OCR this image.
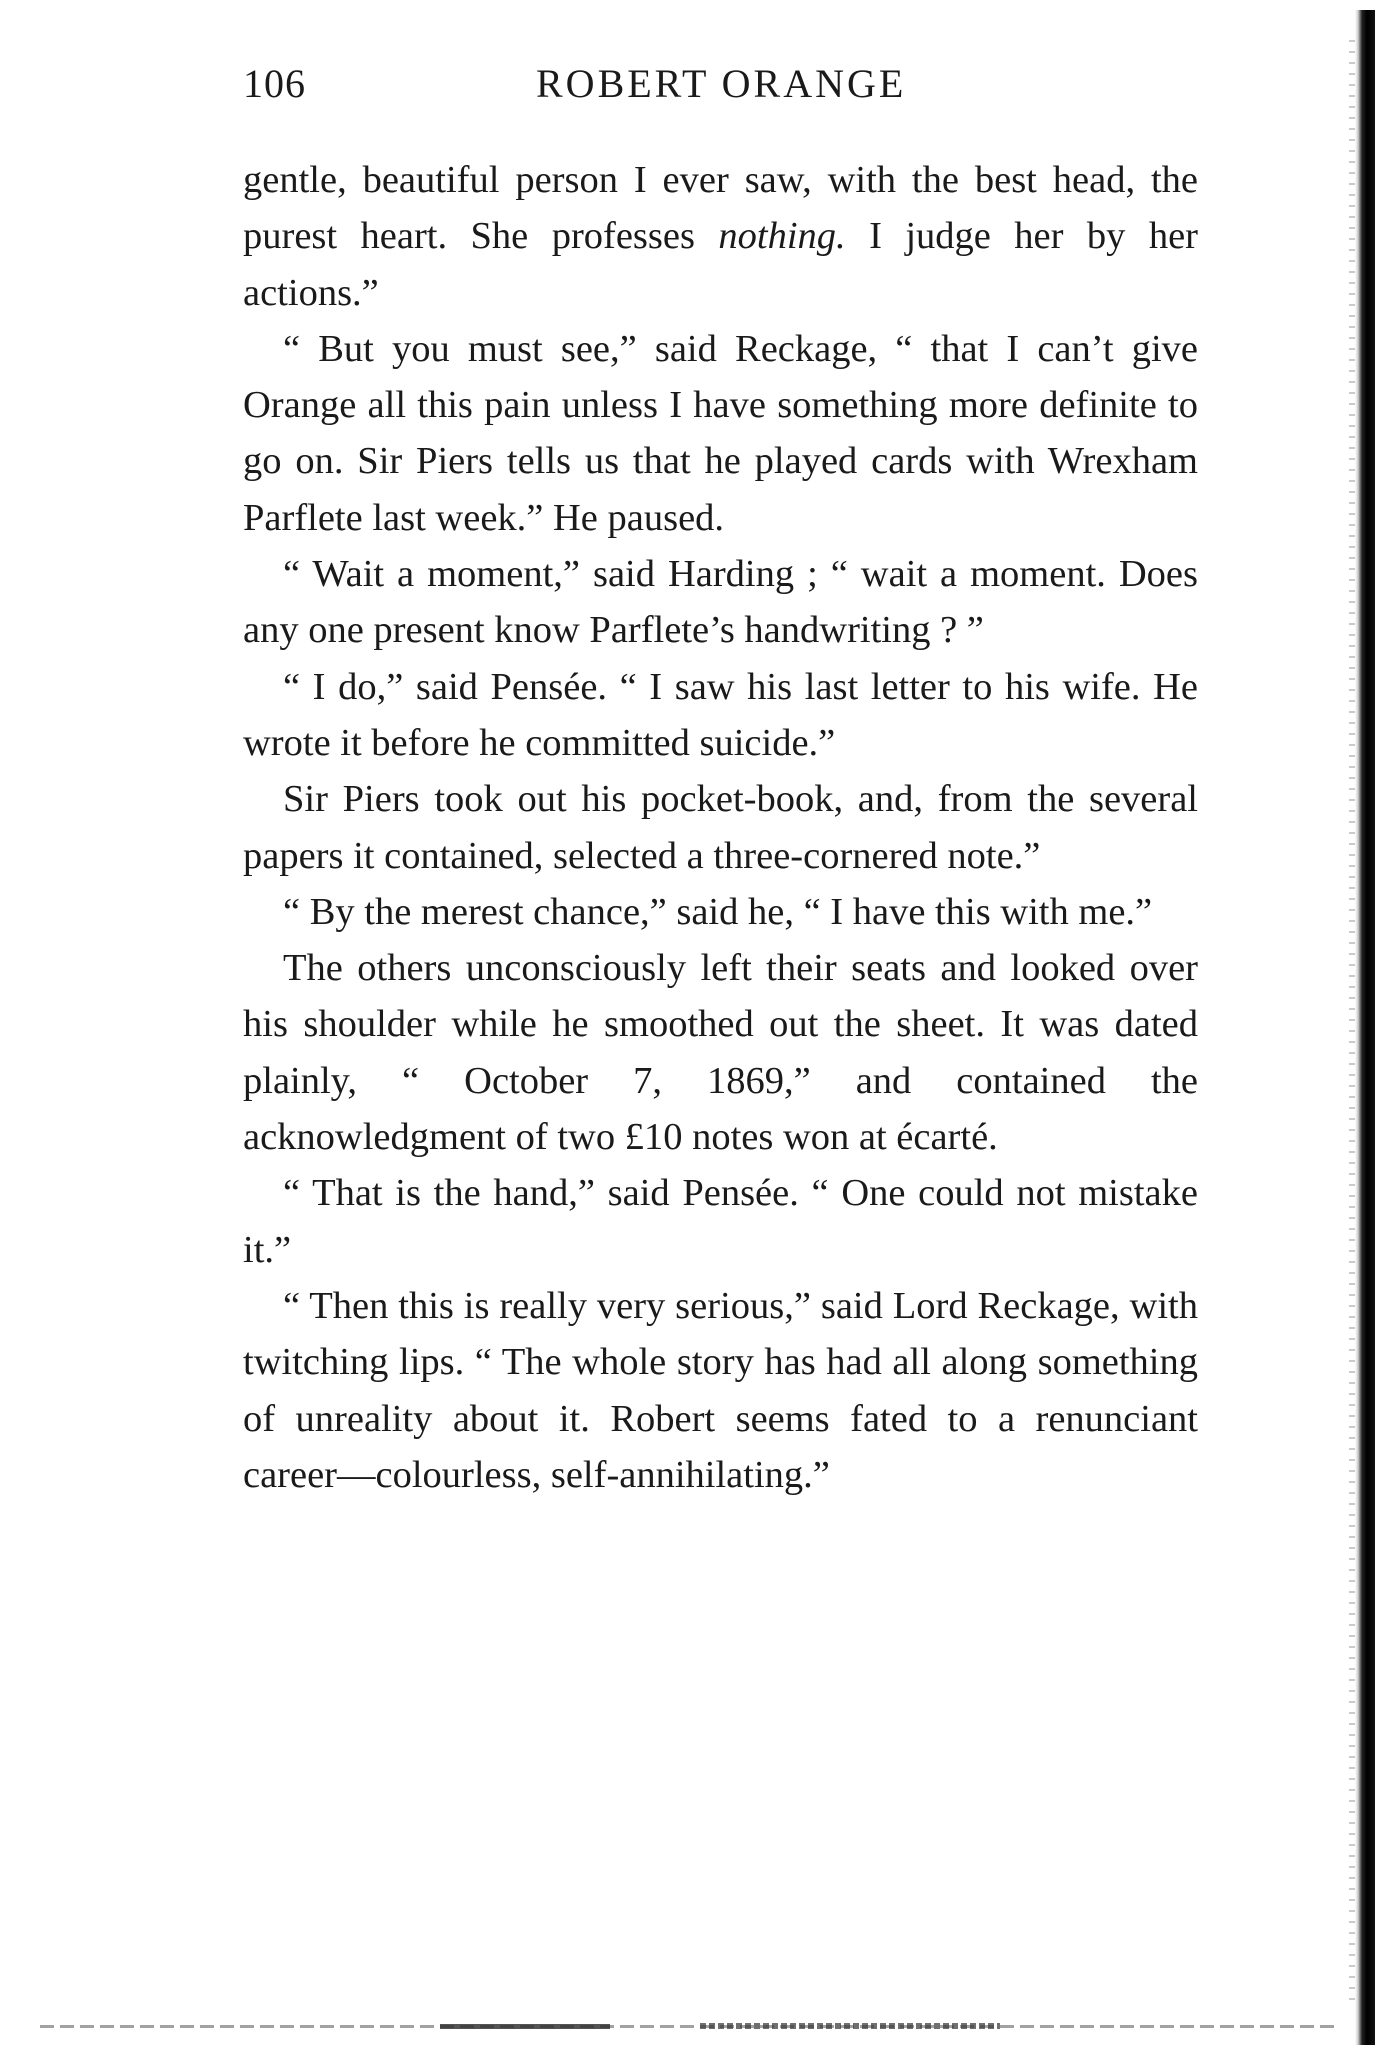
106	ROBERT ORANGE

gentle, beautiful person I ever saw, with the best head, the purest heart. She professes nothing. I judge her by her actions.”

“ But you must see,” said Reckage, “ that I can’t give Orange all this pain unless I have something more definite to go on. Sir Piers tells us that he played cards with Wrexham Parflete last week.” He paused.

“ Wait a moment,” said Harding ; “ wait a moment. Does any one present know Parflete’s handwriting ? ”

“ I do,” said Pensée. “ I saw his last letter to his wife. He wrote it before he committed suicide.”

Sir Piers took out his pocket-book, and, from the several papers it contained, selected a three-cornered note.”

“ By the merest chance,” said he, “ I have this with me.”

The others unconsciously left their seats and looked over his shoulder while he smoothed out the sheet. It was dated plainly, “ October 7, 1869,” and contained the acknowledgment of two £10 notes won at écarté.

“ That is the hand,” said Pensée. “ One could not mistake it.”

“ Then this is really very serious,” said Lord Reckage, with twitching lips. “ The whole story has had all along something of unreality about it. Robert seems fated to a renunciant career—colourless, self-annihilating.”
